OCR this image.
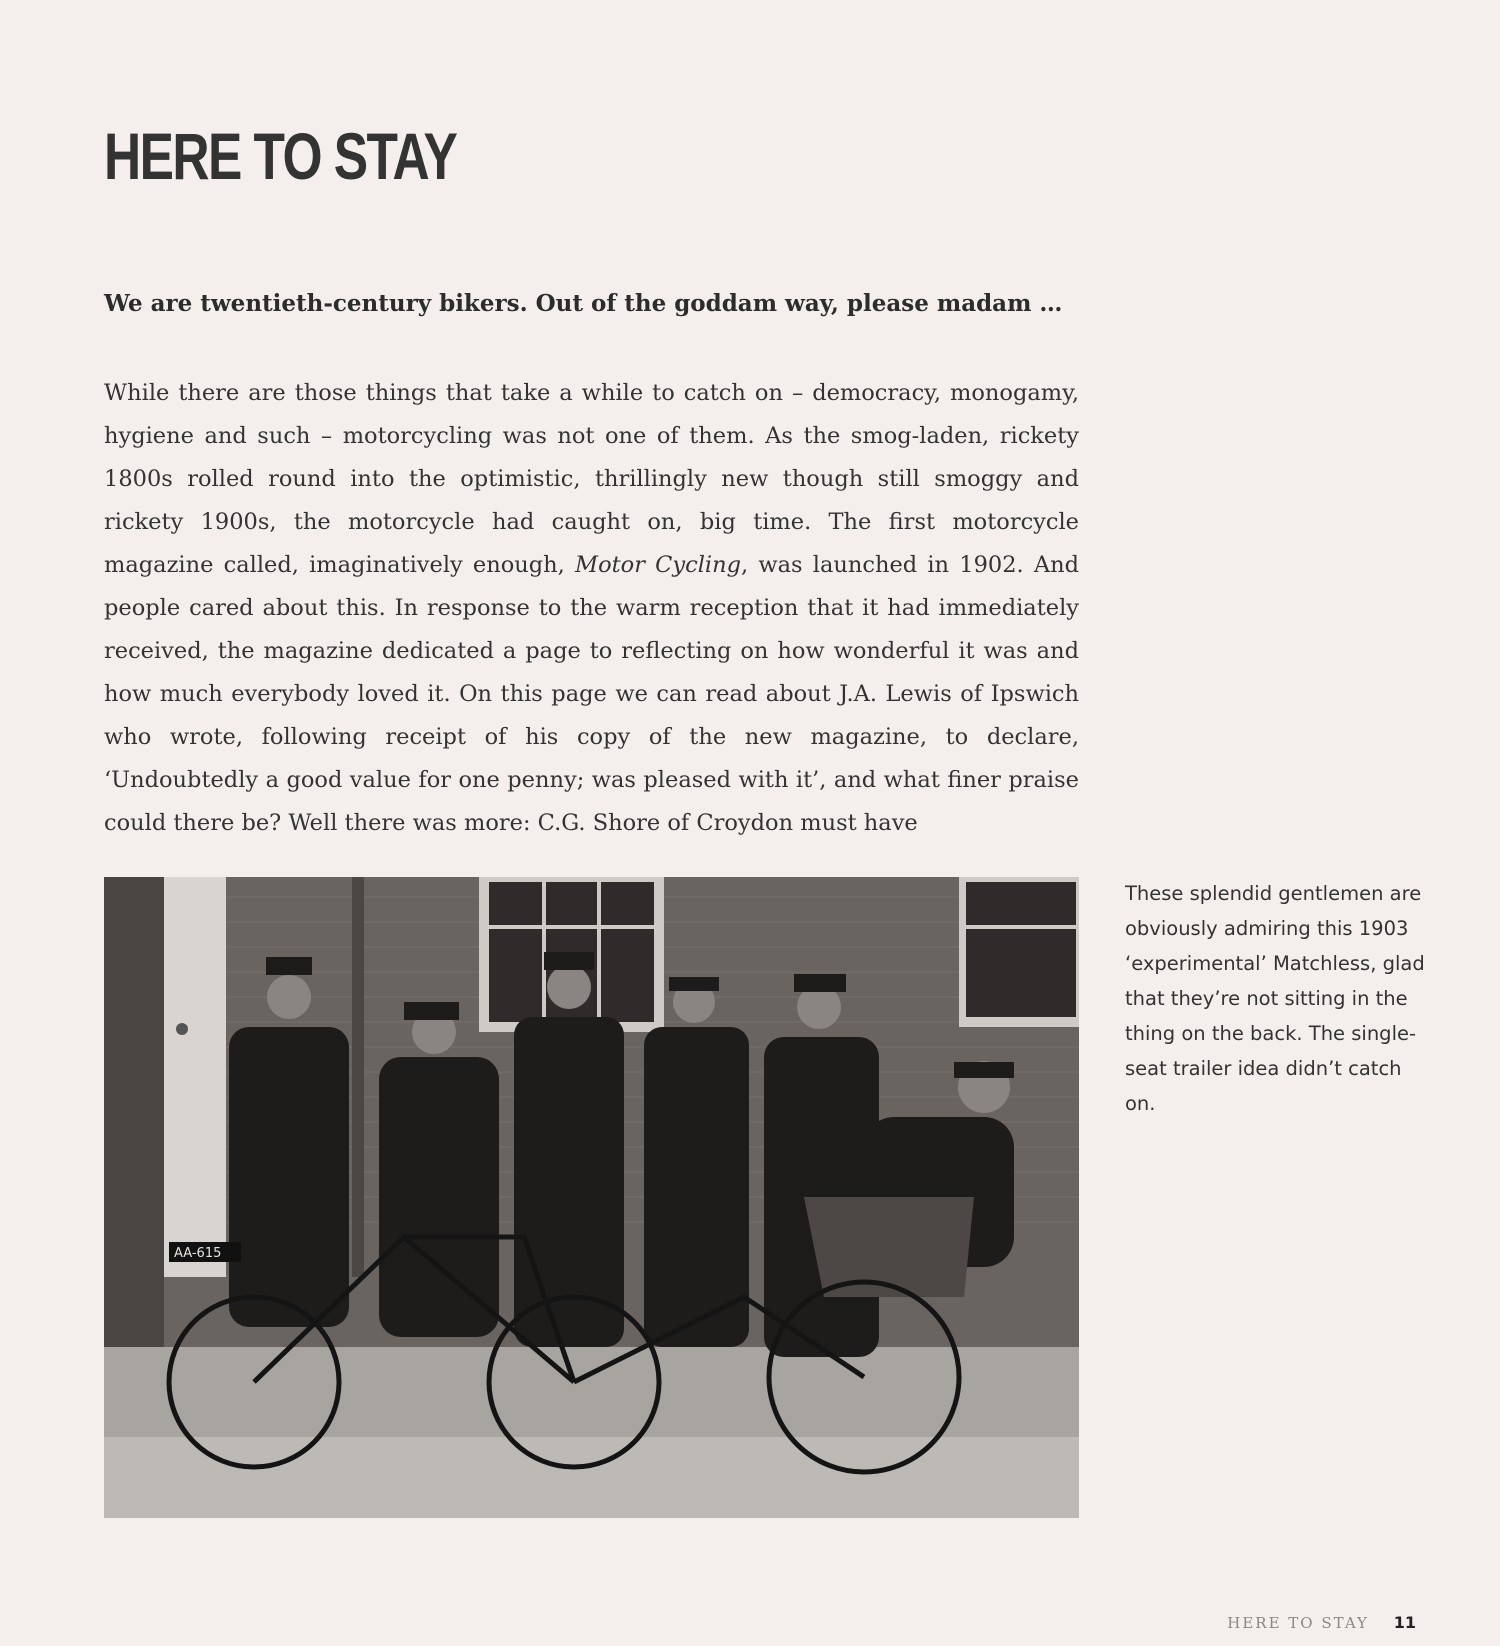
HERE TO STAY
We are twentieth-century bikers. Out of the goddam way, please madam …

While there are those things that take a while to catch on – democracy, monogamy, hygiene and such – motorcycling was not one of them. As the smog-laden, rickety 1800s rolled round into the optimistic, thrillingly new though still smoggy and rickety 1900s, the motorcycle had caught on, big time. The first motorcycle magazine called, imaginatively enough, Motor Cycling, was launched in 1902. And people cared about this. In response to the warm reception that it had immediately received, the magazine dedicated a page to reflecting on how wonderful it was and how much everybody loved it. On this page we can read about J.A. Lewis of Ipswich who wrote, following receipt of his copy of the new magazine, to declare, ‘Undoubtedly a good value for one penny; was pleased with it’, and what finer praise could there be? Well there was more: C.G. Shore of Croydon must have

AA-615

These splendid gentlemen are obviously admiring this 1903 ‘experimental’ Matchless, glad that they’re not sitting in the thing on the back. The single-seat trailer idea didn’t catch on.

HERE TO STAY 11
